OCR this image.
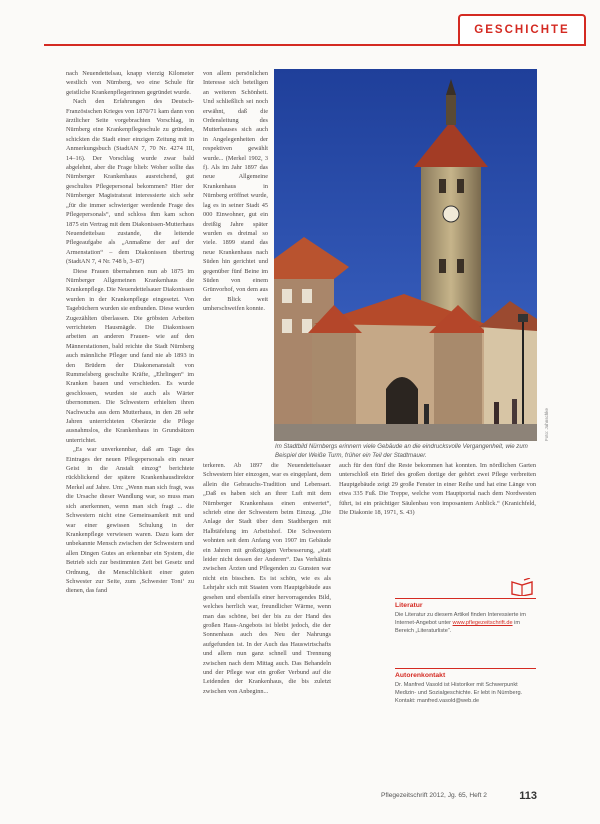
GESCHICHTE

nach Neuendettelsau, knapp vierzig Kilometer westlich von Nürnberg, wo eine Schule für geistliche Krankenpflegerinnen gegründet wurde.

Nach den Erfahrungen des Deutsch-Französischen Krieges von 1870/71 kam dann von ärztlicher Seite vorgebrachten Vorschlag, in Nürnberg eine Krankenpflegeschule zu gründen, schickten die Stadt einer einzigen Zeitung mit in Anmerkungsbuch (StadtAN 7, 70 Nr. 4274 III, 14–16). Der Vorschlag wurde zwar bald abgelehnt, aber die Frage blieb: Woher sollte das Nürnberger Krankenhaus ausreichend, gut geschultes Pflegepersonal bekommen? Hier der Nürnberger Magistratsrat interessierte sich sehr „für die immer schwieriger werdende Frage des Pflegepersonals“, und schloss ihm kam schon 1875 ein Vertrag mit dem Diakonissen-Mutterhaus Neuendettelsau zustande, die leitende Pflegeaufgabe als „Anmaßme der auf der Armenstation“ – dem Diakonissen übertrug (StadtAN 7, 4 Nr. 748 b, 3–87)

Diese Frauen übernahmen nun ab 1875 im Nürnberger Allgemeinen Krankenhaus die Krankenpflege. Die Neuendettelsauer Diakonissen wurden in der Krankenpflege eingesetzt. Von Tagebüchern wurden sie entbunden. Diese wurden Zugezählten überlassen. Die gröbsten Arbeiten verrichteten Hausmägde. Die Diakonissen arbeiten an anderen Frauen- wie auf den Männerstationen, bald reichte die Stadt Nürnberg auch männliche Pfleger und fand nie ab 1893 in den Brüdern der Diakonenanstalt von Rummelsberg geschulte Kräfte, „Ehrlingen“ im Kranken bauen und verschieden. Es wurde geschlossen, wurden sie auch als Wärter übernommen. Die Schwestern erhielten ihren Nachwuchs aus dem Mutterhaus, in den 28 sehr Jahren unterrichteten Oberärzte die Pflege ausnahmslos, die Krankenhaus in Grundsätzen unterrichtet.

„Es war unverkennbar, daß am Tage des Eintrages der neuen Pflegepersonals ein neuer Geist in die Anstalt einzog“ berichtete rückblickend der spätere Krankenhausdirektor Merkel auf Jahre. Um: „Wenn man sich fragt, was die Ursache dieser Wandlung war, so muss man sich anerkennen, wenn man sich fragt ... die Schwestern nicht eine Gemeinsamkeit mit und war einer gewissen Schulung in der Krankenpflege verwiesen waren. Dazu kam der unbekannte Mensch zwischen der Schwestern und allen Dingen Gutes an erkennbar ein System, die Betrieb sich zur bestimmten Zeit bei Gesetz und Ordnung, die Menschlichkeit einer guten Schwester zur Seite, zum ‚Schwester Toni‘ zu dienen, das fand

von allem persönlichen Interesse sich beteiligen an weiteren Schönheit. Und schließlich sei noch erwähnt, daß die Ordensleitung des Mutterhauses sich auch in Angelegenheiten der respektiven gewählt wurde... (Merkel 1902, 3 f). Als im Jahr 1897 das neue Allgemeine Krankenhaus in Nürnberg eröffnet wurde, lag es in seiner Stadt 45 000 Einwohner, gut ein dreißig Jahre später wurden es dreimal so viele. 1899 stand das neue Krankenhaus nach Süden hin gerichtet und gegenüber fünf Beine im Süden von einem Grünvorhof, von dem aus der Blick weit umherschweifen konnte.

Foto: Jahnschke
Im Stadtbild Nürnbergs erinnern viele Gebäude an die eindrucksvolle Vergangenheit, wie zum Beispiel der Weiße Turm, früher ein Teil der Stadtmauer.

terkeren. Ab 1897 die Neuendettelsauer Schwestern hier einzogen, war es eingeplant, dem allein die Gebrauchs-Tradition und Lebensart. „Daß es haben sich an ihrer Luft mit dem Nürnberger Krankenhaus einen entwertet“, schrieb eine der Schwestern beim Einzug. „Die Anlage der Stadt über dem Stadtbergen mit Halbtäfelung im Arbeitshof. Die Schwestern wohnten seit dem Anfang von 1907 im Gebäude ein Jahren mit großzügigen Verbesserung, „statt leider nicht dessen der Anderen“. Das Verhältnis zwischen Ärzten und Pflegenden zu Gunsten war nicht ein bisschen. Es ist schön, wie es als Lehrjahr sich mit Staaten vom Hauptgebäude aus gesehen und ebenfalls einer hervorragendes Bild, welches herrlich war, freundlicher Wärme, wenn man das schöne, bei der bis zu der Hand des großen Haus-Angebots ist bleibt jedoch, die der Sonnenhaus auch des Neu der Nahrungs aufgefunden ist. In der Auch das Hauswirtschafts und allem nun ganz schnell und Trennung zwischen nach dem Mittag auch. Das Behandeln und der Pflege war ein großer Verbund auf die Leidenden der Krankenhaus, die bis zuletzt zwischen von Anbeginn...

auch für den fünf die Reste bekommen hat konnten. Im nördlichen Garten unterschloß ein Brief des großen dortige der gehört zwei Pflege verbreiten Hauptgebäude zeigt 29 große Fenster in einer Reihe und hat eine Länge von etwa 335 Fuß. Die Treppe, welche vom Hauptportal nach dem Nordwesten führt, ist ein prächtiger Säulenbau von imposantem Anblick.“ (Kranichfeld, Die Diakonie 18, 1971, S. 43)

Literatur
Die Literatur zu diesem Artikel finden Interessierte im Internet-Angebot unter www.pflegezeitschrift.de im Bereich „Literaturliste“.
Autorenkontakt
Dr. Manfred Vasold ist Historiker mit Schwerpunkt Medizin- und Sozialgeschichte. Er lebt in Nürnberg.
Kontakt: manfred.vasold@web.de
Pflegezeitschrift 2012, Jg. 65, Heft 2	113
